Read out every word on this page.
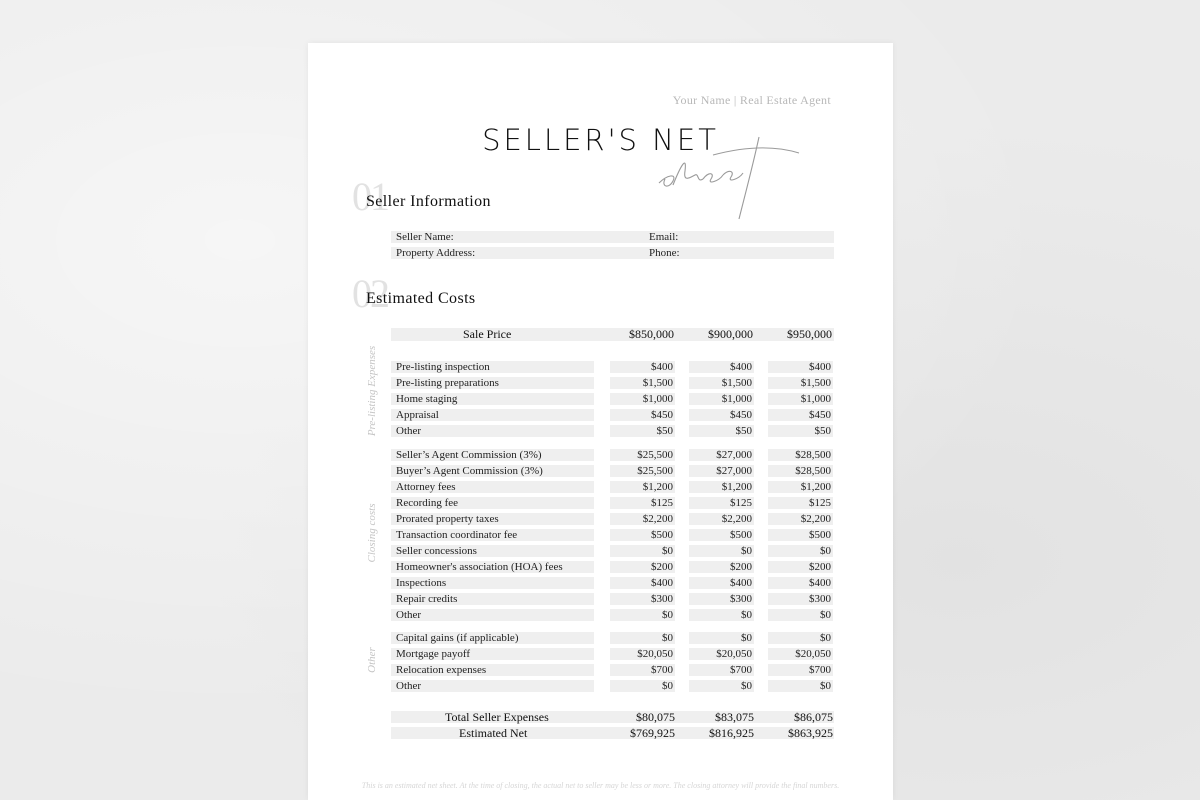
Your Name | Real Estate Agent
SELLER'S NET
01
Seller Information
Seller Name:	Email:
Property Address:	Phone:
02
Estimated Costs
Sale Price	$850,000	$900,000	$950,000
Pre-listing Expenses
Closing costs
Other
Pre-listing inspection	$400	$400	$400
Pre-listing preparations	$1,500	$1,500	$1,500
Home staging	$1,000	$1,000	$1,000
Appraisal	$450	$450	$450
Other	$50	$50	$50
Seller’s Agent Commission (3%)	$25,500	$27,000	$28,500
Buyer’s Agent Commission (3%)	$25,500	$27,000	$28,500
Attorney fees	$1,200	$1,200	$1,200
Recording fee	$125	$125	$125
Prorated property taxes	$2,200	$2,200	$2,200
Transaction coordinator fee	$500	$500	$500
Seller concessions	$0	$0	$0
Homeowner's association (HOA) fees	$200	$200	$200
Inspections	$400	$400	$400
Repair credits	$300	$300	$300
Other	$0	$0	$0
Capital gains (if applicable)	$0	$0	$0
Mortgage payoff	$20,050	$20,050	$20,050
Relocation expenses	$700	$700	$700
Other	$0	$0	$0
Total Seller Expenses	$80,075	$83,075	$86,075
Estimated Net	$769,925	$816,925	$863,925
This is an estimated net sheet. At the time of closing, the actual net to seller may be less or more. The closing attorney will provide the final numbers.
